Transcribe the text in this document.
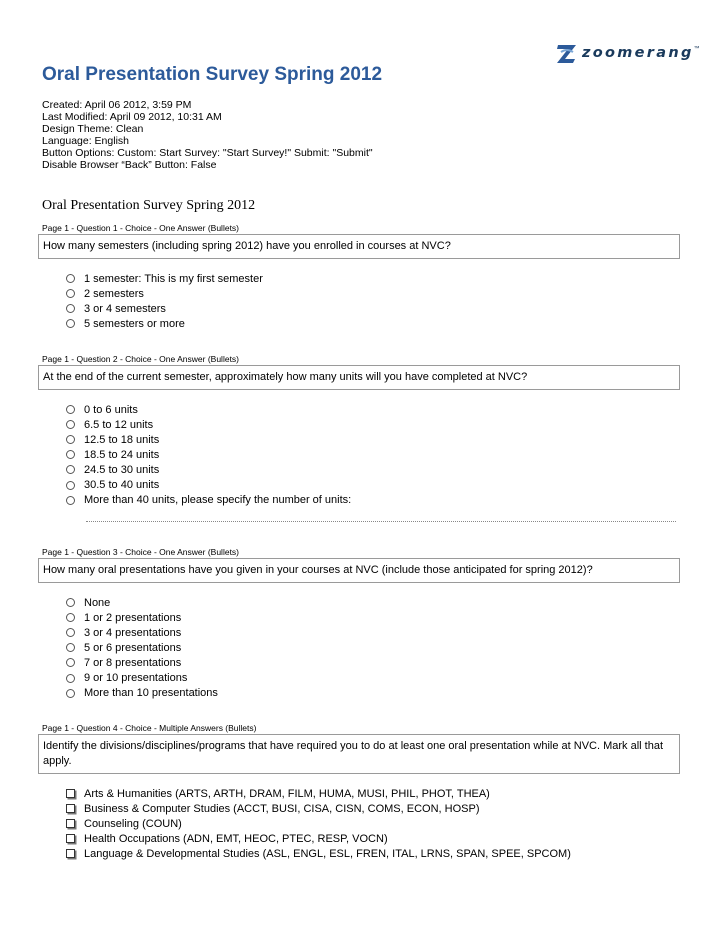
zoomerang ™
Oral Presentation Survey Spring 2012
Created: April 06 2012, 3:59 PM
Last Modified: April 09 2012, 10:31 AM
Design Theme: Clean
Language: English
Button Options: Custom: Start Survey: "Start Survey!" Submit: "Submit"
Disable Browser “Back” Button: False
Oral Presentation Survey Spring 2012
Page 1 - Question 1 - Choice - One Answer (Bullets)
How many semesters (including spring 2012) have you enrolled in courses at NVC?
1 semester: This is my first semester
2 semesters
3 or 4 semesters
5 semesters or more
Page 1 - Question 2 - Choice - One Answer (Bullets)
At the end of the current semester, approximately how many units will you have completed at NVC?
0 to 6 units
6.5 to 12 units
12.5 to 18 units
18.5 to 24 units
24.5 to 30 units
30.5 to 40 units
More than 40 units, please specify the number of units:
Page 1 - Question 3 - Choice - One Answer (Bullets)
How many oral presentations have you given in your courses at NVC (include those anticipated for spring 2012)?
None
1 or 2 presentations
3 or 4 presentations
5 or 6 presentations
7 or 8 presentations
9 or 10 presentations
More than 10 presentations
Page 1 - Question 4 - Choice - Multiple Answers (Bullets)
Identify the divisions/disciplines/programs that have required you to do at least one oral presentation while at NVC. Mark all that apply.
Arts & Humanities (ARTS, ARTH, DRAM, FILM, HUMA, MUSI, PHIL, PHOT, THEA)
Business & Computer Studies (ACCT, BUSI, CISA, CISN, COMS, ECON, HOSP)
Counseling (COUN)
Health Occupations (ADN, EMT, HEOC, PTEC, RESP, VOCN)
Language & Developmental Studies (ASL, ENGL, ESL, FREN, ITAL, LRNS, SPAN, SPEE, SPCOM)
